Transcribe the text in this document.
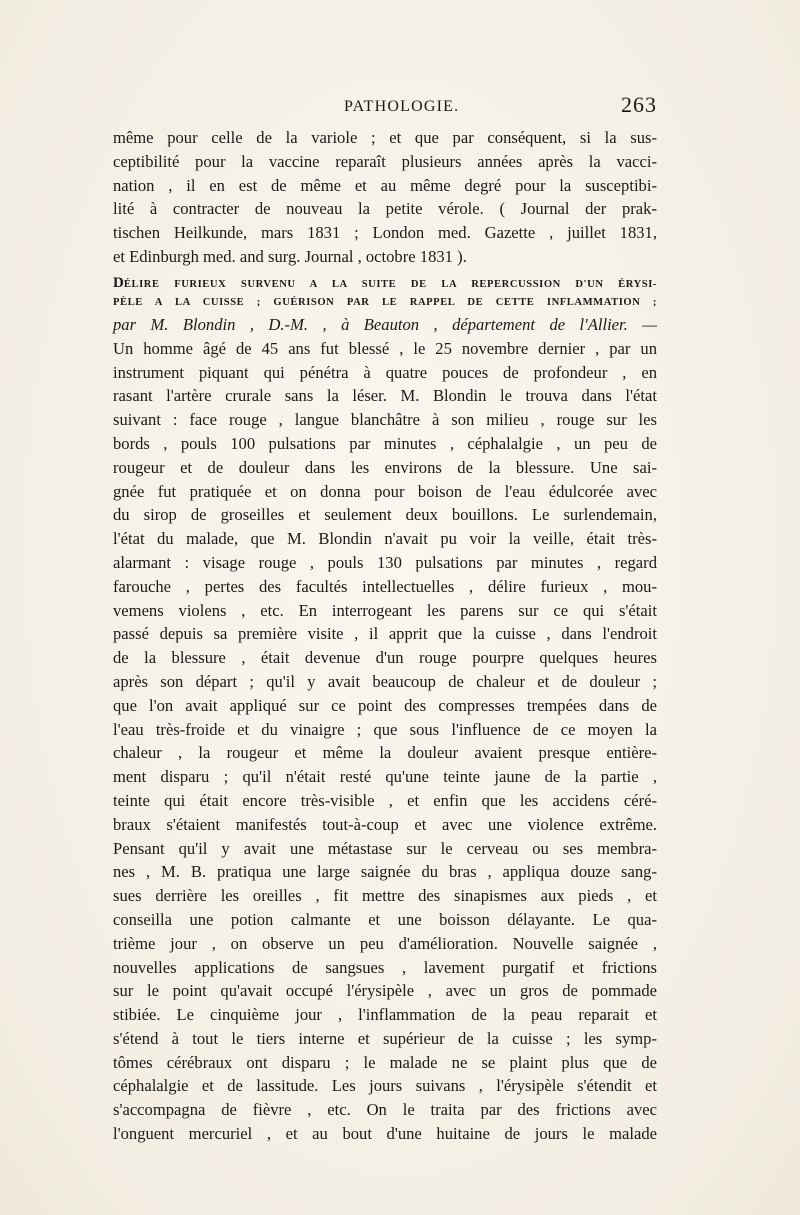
PATHOLOGIE.	263
même pour celle de la variole ; et que par conséquent, si la sus-
ceptibilité pour la vaccine reparaît plusieurs années après la vacci-
nation , il en est de même et au même degré pour la susceptibi-
lité à contracter de nouveau la petite vérole. ( Journal der prak-
tischen Heilkunde, mars 1831 ; London med. Gazette , juillet 1831,
et Edinburgh med. and surg. Journal , octobre 1831 ).
DÉLIRE FURIEUX SURVENU A LA SUITE DE LA REPERCUSSION D'UN ÉRYSI-
PÈLE A LA CUISSE ; GUÉRISON PAR LE RAPPEL DE CETTE INFLAMMATION ;
par M. Blondin , D.-M. , à Beauton , département de l'Allier. —
Un homme âgé de 45 ans fut blessé , le 25 novembre dernier , par un
instrument piquant qui pénétra à quatre pouces de profondeur , en
rasant l'artère crurale sans la léser. M. Blondin le trouva dans l'état
suivant : face rouge , langue blanchâtre à son milieu , rouge sur les
bords , pouls 100 pulsations par minutes , céphalalgie , un peu de
rougeur et de douleur dans les environs de la blessure. Une sai-
gnée fut pratiquée et on donna pour boison de l'eau édulcorée avec
du sirop de groseilles et seulement deux bouillons. Le surlendemain,
l'état du malade, que M. Blondin n'avait pu voir la veille, était très-
alarmant : visage rouge , pouls 130 pulsations par minutes , regard
farouche , pertes des facultés intellectuelles , délire furieux , mou-
vemens violens , etc. En interrogeant les parens sur ce qui s'était
passé depuis sa première visite , il apprit que la cuisse , dans l'endroit
de la blessure , était devenue d'un rouge pourpre quelques heures
après son départ ; qu'il y avait beaucoup de chaleur et de douleur ;
que l'on avait appliqué sur ce point des compresses trempées dans de
l'eau très-froide et du vinaigre ; que sous l'influence de ce moyen la
chaleur , la rougeur et même la douleur avaient presque entière-
ment disparu ; qu'il n'était resté qu'une teinte jaune de la partie ,
teinte qui était encore très-visible , et enfin que les accidens céré-
braux s'étaient manifestés tout-à-coup et avec une violence extrême.
Pensant qu'il y avait une métastase sur le cerveau ou ses membra-
nes , M. B. pratiqua une large saignée du bras , appliqua douze sang-
sues derrière les oreilles , fit mettre des sinapismes aux pieds , et
conseilla une potion calmante et une boisson délayante. Le qua-
trième jour , on observe un peu d'amélioration. Nouvelle saignée ,
nouvelles applications de sangsues , lavement purgatif et frictions
sur le point qu'avait occupé l'érysipèle , avec un gros de pommade
stibiée. Le cinquième jour , l'inflammation de la peau reparait et
s'étend à tout le tiers interne et supérieur de la cuisse ; les symp-
tômes cérébraux ont disparu ; le malade ne se plaint plus que de
céphalalgie et de lassitude. Les jours suivans , l'érysipèle s'étendit et
s'accompagna de fièvre , etc. On le traita par des frictions avec
l'onguent mercuriel , et au bout d'une huitaine de jours le malade
